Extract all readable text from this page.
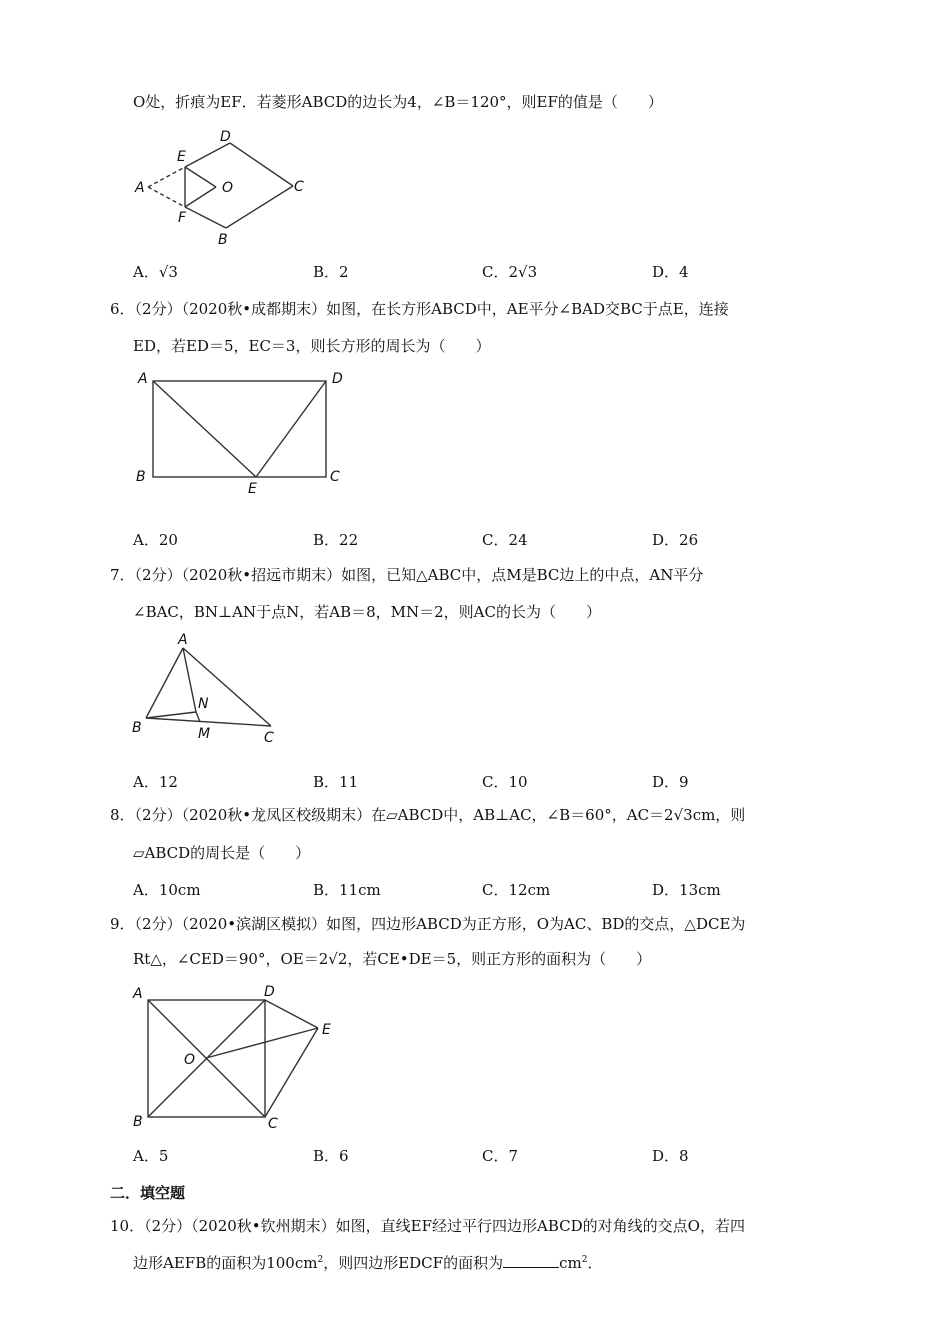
O处，折痕为EF．若菱形ABCD的边长为4，∠B＝120°，则EF的值是（　　）
D
E
A	O	C
F
B
A．√3	B．2	C．2√3	D．4
6．（2分）（2020秋•成都期末）如图，在长方形ABCD中，AE平分∠BAD交BC于点E，连接
ED，若ED＝5，EC＝3，则长方形的周长为（　　）
A	D
B
E
C
A．20	B．22	C．24	D．26
7．（2分）（2020秋•招远市期末）如图，已知△ABC中，点M是BC边上的中点，AN平分
∠BAC，BN⊥AN于点N，若AB＝8，MN＝2，则AC的长为（　　）
A
N
B	M	C
A．12	B．11	C．10	D．9
8．（2分）（2020秋•龙凤区校级期末）在▱ABCD中，AB⊥AC，∠B＝60°，AC＝2√3cm，则
▱ABCD的周长是（　　）
A．10cm	B．11cm	C．12cm	D．13cm
9．（2分）（2020•滨湖区模拟）如图，四边形ABCD为正方形，O为AC、BD的交点，△DCE为
Rt△，∠CED＝90°，OE＝2√2，若CE•DE＝5，则正方形的面积为（　　）
A	D
E
O
B	C
A．5	B．6	C．7	D．8
二．填空题
10．（2分）（2020秋•钦州期末）如图，直线EF经过平行四边形ABCD的对角线的交点O，若四
边形AEFB的面积为$100cm^2$，则四边形EDCF的面积为	$cm^2$．
